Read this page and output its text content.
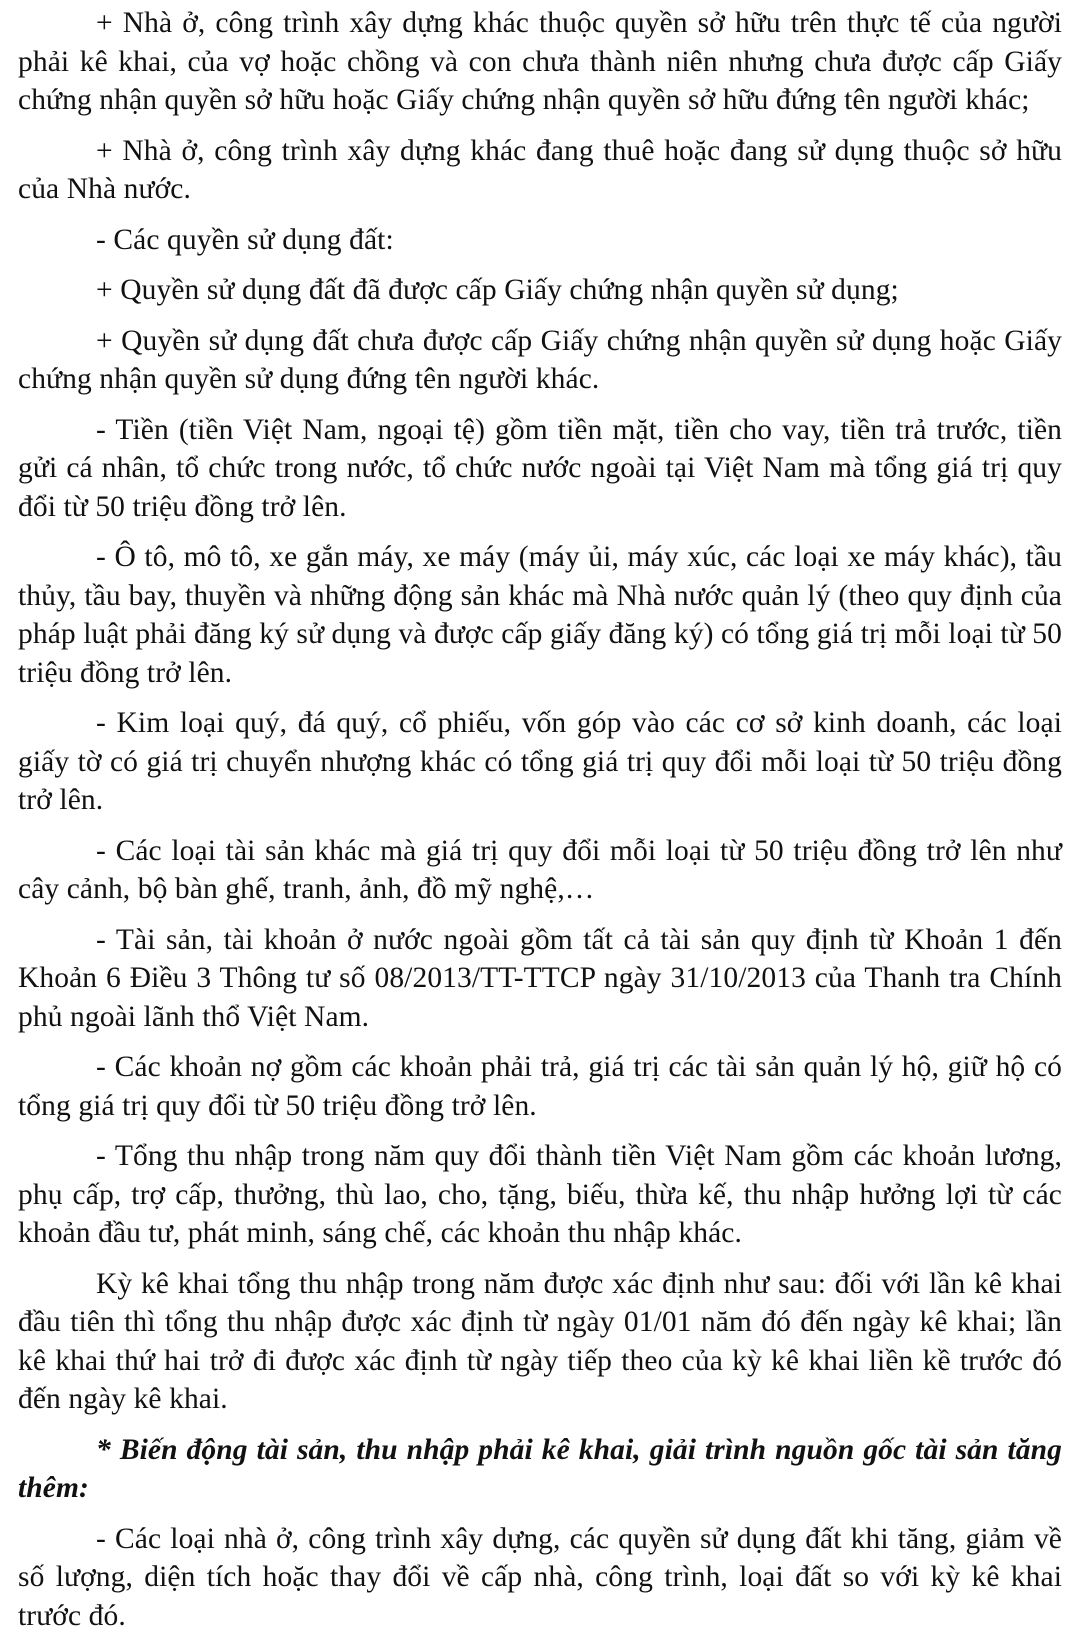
+ Nhà ở, công trình xây dựng khác thuộc quyền sở hữu trên thực tế của người phải kê khai, của vợ hoặc chồng và con chưa thành niên nhưng chưa được cấp Giấy chứng nhận quyền sở hữu hoặc Giấy chứng nhận quyền sở hữu đứng tên người khác;

+ Nhà ở, công trình xây dựng khác đang thuê hoặc đang sử dụng thuộc sở hữu của Nhà nước.

- Các quyền sử dụng đất:

+ Quyền sử dụng đất đã được cấp Giấy chứng nhận quyền sử dụng;

+ Quyền sử dụng đất chưa được cấp Giấy chứng nhận quyền sử dụng hoặc Giấy chứng nhận quyền sử dụng đứng tên người khác.

- Tiền (tiền Việt Nam, ngoại tệ) gồm tiền mặt, tiền cho vay, tiền trả trước, tiền gửi cá nhân, tổ chức trong nước, tổ chức nước ngoài tại Việt Nam mà tổng giá trị quy đổi từ 50 triệu đồng trở lên.

- Ô tô, mô tô, xe gắn máy, xe máy (máy ủi, máy xúc, các loại xe máy khác), tầu thủy, tầu bay, thuyền và những động sản khác mà Nhà nước quản lý (theo quy định của pháp luật phải đăng ký sử dụng và được cấp giấy đăng ký) có tổng giá trị mỗi loại từ 50 triệu đồng trở lên.

- Kim loại quý, đá quý, cổ phiếu, vốn góp vào các cơ sở kinh doanh, các loại giấy tờ có giá trị chuyển nhượng khác có tổng giá trị quy đổi mỗi loại từ 50 triệu đồng trở lên.

- Các loại tài sản khác mà giá trị quy đổi mỗi loại từ 50 triệu đồng trở lên như cây cảnh, bộ bàn ghế, tranh, ảnh, đồ mỹ nghệ,…

- Tài sản, tài khoản ở nước ngoài gồm tất cả tài sản quy định từ Khoản 1 đến Khoản 6 Điều 3 Thông tư số 08/2013/TT-TTCP ngày 31/10/2013 của Thanh tra Chính phủ ngoài lãnh thổ Việt Nam.

- Các khoản nợ gồm các khoản phải trả, giá trị các tài sản quản lý hộ, giữ hộ có tổng giá trị quy đổi từ 50 triệu đồng trở lên.

- Tổng thu nhập trong năm quy đổi thành tiền Việt Nam gồm các khoản lương, phụ cấp, trợ cấp, thưởng, thù lao, cho, tặng, biếu, thừa kế, thu nhập hưởng lợi từ các khoản đầu tư, phát minh, sáng chế, các khoản thu nhập khác.

Kỳ kê khai tổng thu nhập trong năm được xác định như sau: đối với lần kê khai đầu tiên thì tổng thu nhập được xác định từ ngày 01/01 năm đó đến ngày kê khai; lần kê khai thứ hai trở đi được xác định từ ngày tiếp theo của kỳ kê khai liền kề trước đó đến ngày kê khai.

* Biến động tài sản, thu nhập phải kê khai, giải trình nguồn gốc tài sản tăng thêm:

- Các loại nhà ở, công trình xây dựng, các quyền sử dụng đất khi tăng, giảm về số lượng, diện tích hoặc thay đổi về cấp nhà, công trình, loại đất so với kỳ kê khai trước đó.
